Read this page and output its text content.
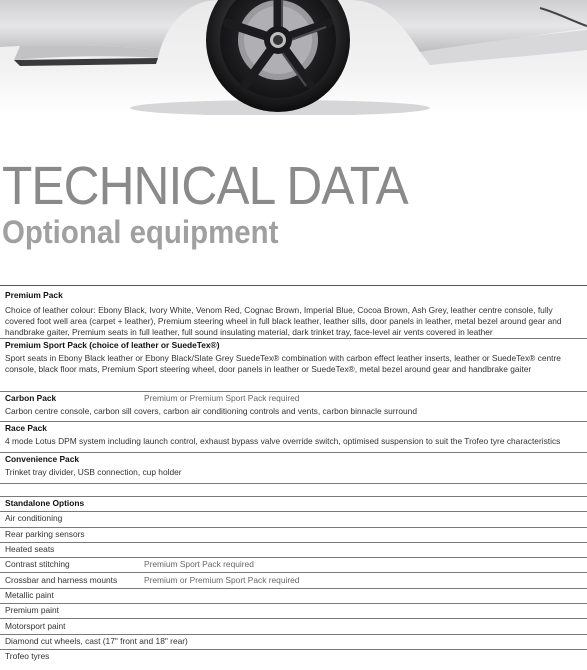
TECHNICAL DATA
Optional equipment
Premium Pack
Choice of leather colour: Ebony Black, Ivory White, Venom Red, Cognac Brown, Imperial Blue, Cocoa Brown, Ash Grey, leather centre console, fully covered foot well area (carpet + leather), Premium steering wheel in full black leather, leather sills, door panels in leather, metal bezel around gear and handbrake gaiter, Premium seats in full leather, full sound insulating material, dark trinket tray, face-level air vents covered in leather
Premium Sport Pack (choice of leather or SuedeTex®)
Sport seats in Ebony Black leather or Ebony Black/Slate Grey SuedeTex® combination with carbon effect leather inserts, leather or SuedeTex® centre console, black floor mats, Premium Sport steering wheel, door panels in leather or SuedeTex®, metal bezel around gear and handbrake gaiter
Carbon Pack	Premium or Premium Sport Pack required
Carbon centre console, carbon sill covers, carbon air conditioning controls and vents, carbon binnacle surround
Race Pack
4 mode Lotus DPM system including launch control, exhaust bypass valve override switch, optimised suspension to suit the Trofeo tyre characteristics
Convenience Pack
Trinket tray divider, USB connection, cup holder
Standalone Options
Air conditioning
Rear parking sensors
Heated seats
Contrast stitching	Premium Sport Pack required
Crossbar and harness mounts	Premium or Premium Sport Pack required
Metallic paint
Premium paint
Motorsport paint
Diamond cut wheels, cast (17" front and 18" rear)
Trofeo tyres
